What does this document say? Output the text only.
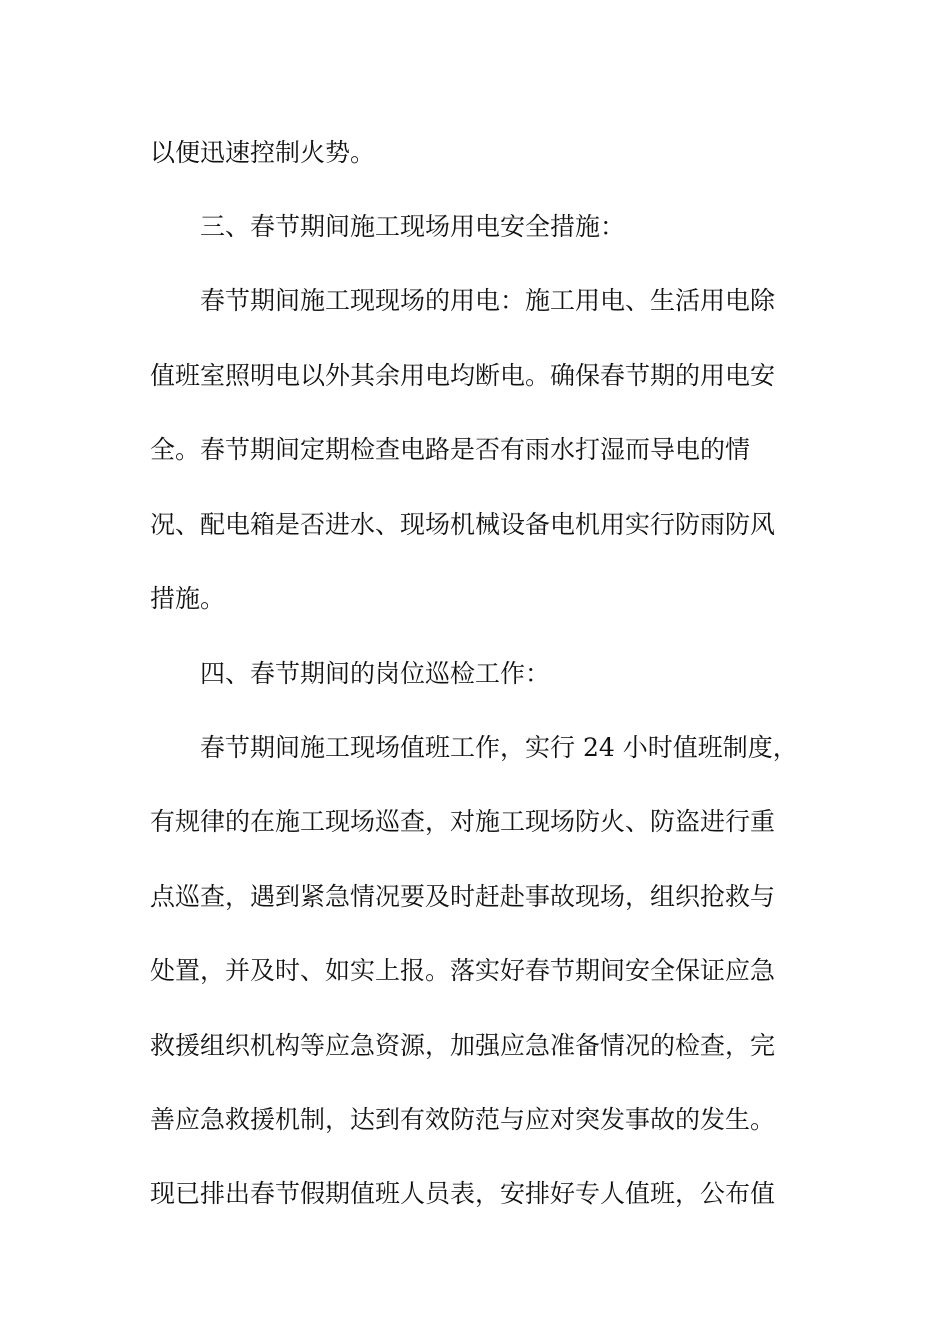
以便迅速控制火势。
三、春节期间施工现场用电安全措施：
春节期间施工现现场的用电：施工用电、生活用电除
值班室照明电以外其余用电均断电。确保春节期的用电安
全。春节期间定期检查电路是否有雨水打湿而导电的情
况、配电箱是否进水、现场机械设备电机用实行防雨防风
措施。
四、春节期间的岗位巡检工作：
春节期间施工现场值班工作，实行 24 小时值班制度，
有规律的在施工现场巡查，对施工现场防火、防盗进行重
点巡查，遇到紧急情况要及时赶赴事故现场，组织抢救与
处置，并及时、如实上报。落实好春节期间安全保证应急
救援组织机构等应急资源，加强应急准备情况的检查，完
善应急救援机制，达到有效防范与应对突发事故的发生。
现已排出春节假期值班人员表，安排好专人值班，公布值
